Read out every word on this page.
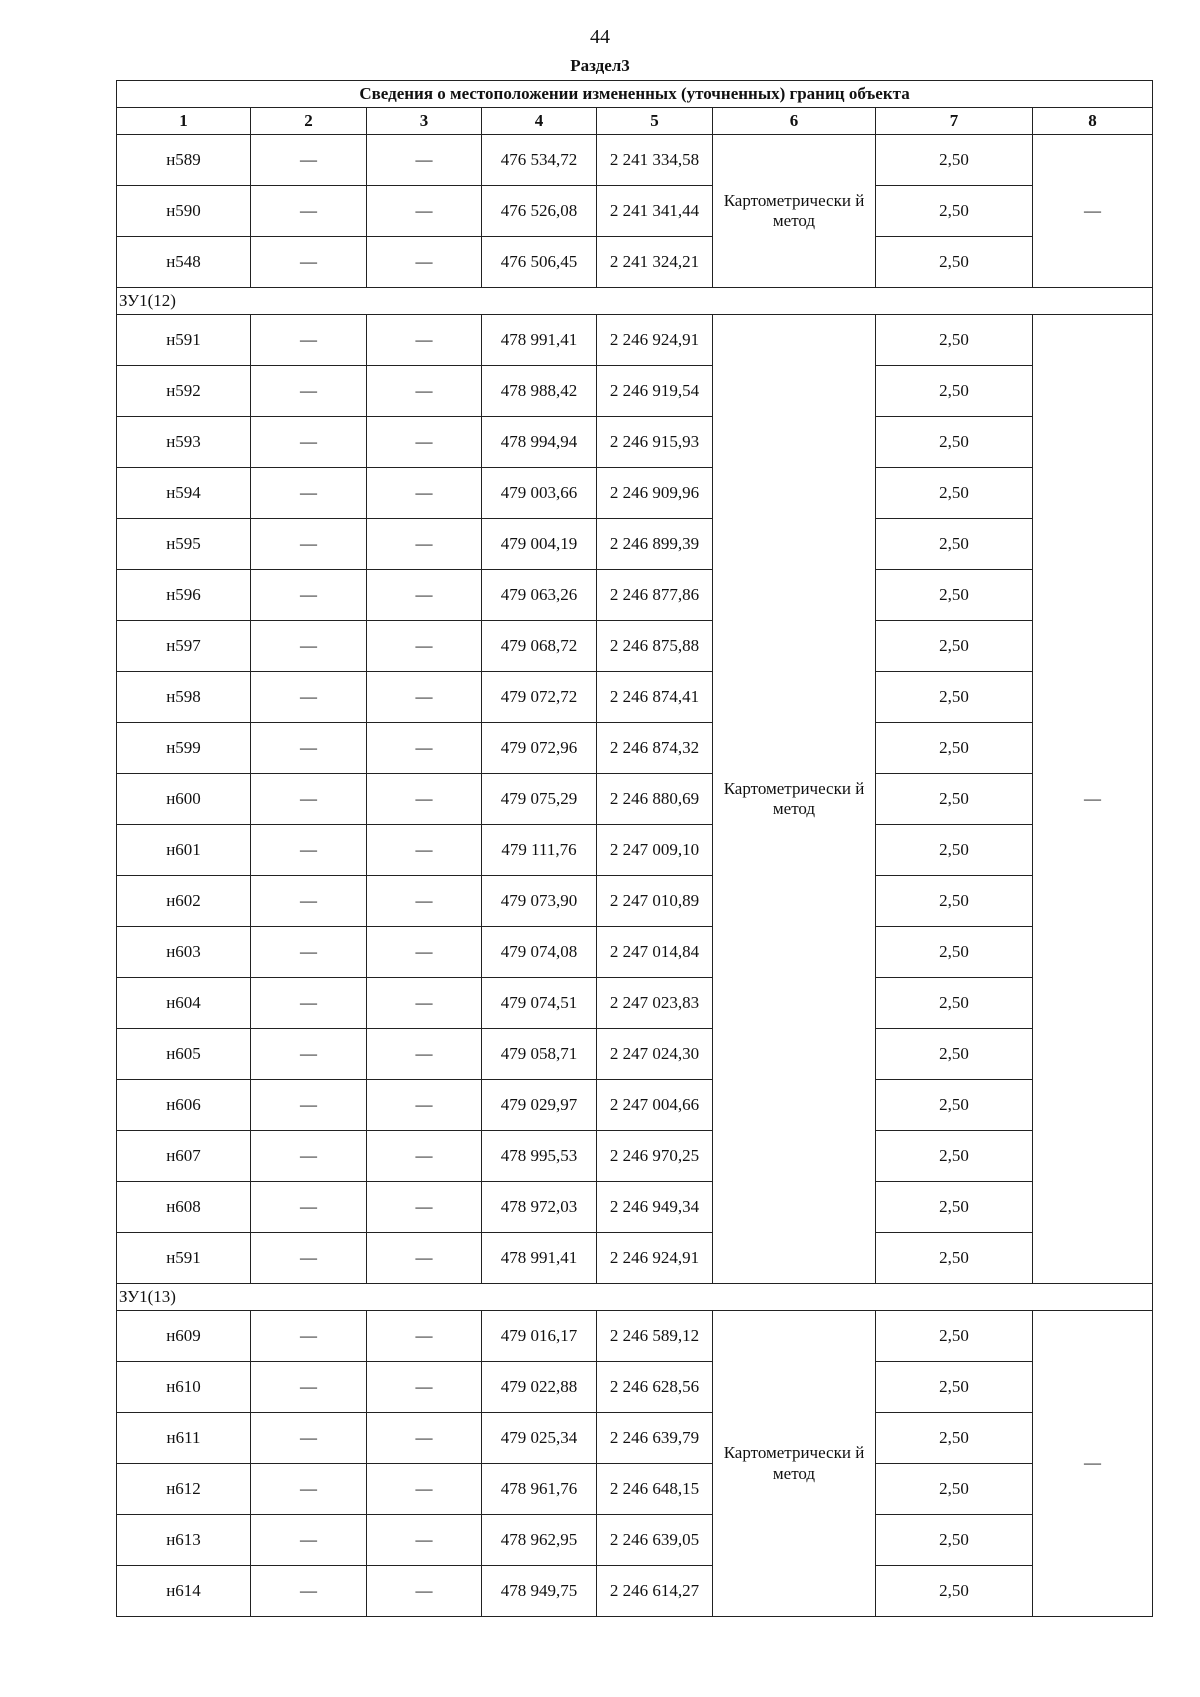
44
Раздел3
Сведения о местоположении измененных (уточненных) границ объекта							
1	2	3	4	5	6	7	8
н589	—	—	476 534,72	2 241 334,58	Картометрически й метод	2,50	—
н590	—	—	476 526,08	2 241 341,44		2,50	
н548	—	—	476 506,45	2 241 324,21		2,50	
ЗУ1(12)							
н591	—	—	478 991,41	2 246 924,91	Картометрически й метод	2,50	—
н592	—	—	478 988,42	2 246 919,54		2,50	
н593	—	—	478 994,94	2 246 915,93		2,50	
н594	—	—	479 003,66	2 246 909,96		2,50	
н595	—	—	479 004,19	2 246 899,39		2,50	
н596	—	—	479 063,26	2 246 877,86		2,50	
н597	—	—	479 068,72	2 246 875,88		2,50	
н598	—	—	479 072,72	2 246 874,41		2,50	
н599	—	—	479 072,96	2 246 874,32		2,50	
н600	—	—	479 075,29	2 246 880,69		2,50	
н601	—	—	479 111,76	2 247 009,10		2,50	
н602	—	—	479 073,90	2 247 010,89		2,50	
н603	—	—	479 074,08	2 247 014,84		2,50	
н604	—	—	479 074,51	2 247 023,83		2,50	
н605	—	—	479 058,71	2 247 024,30		2,50	
н606	—	—	479 029,97	2 247 004,66		2,50	
н607	—	—	478 995,53	2 246 970,25		2,50	
н608	—	—	478 972,03	2 246 949,34		2,50	
н591	—	—	478 991,41	2 246 924,91		2,50	
ЗУ1(13)							
н609	—	—	479 016,17	2 246 589,12	Картометрически й метод	2,50	—
н610	—	—	479 022,88	2 246 628,56		2,50	
н611	—	—	479 025,34	2 246 639,79		2,50	
н612	—	—	478 961,76	2 246 648,15		2,50	
н613	—	—	478 962,95	2 246 639,05		2,50	
н614	—	—	478 949,75	2 246 614,27		2,50	
